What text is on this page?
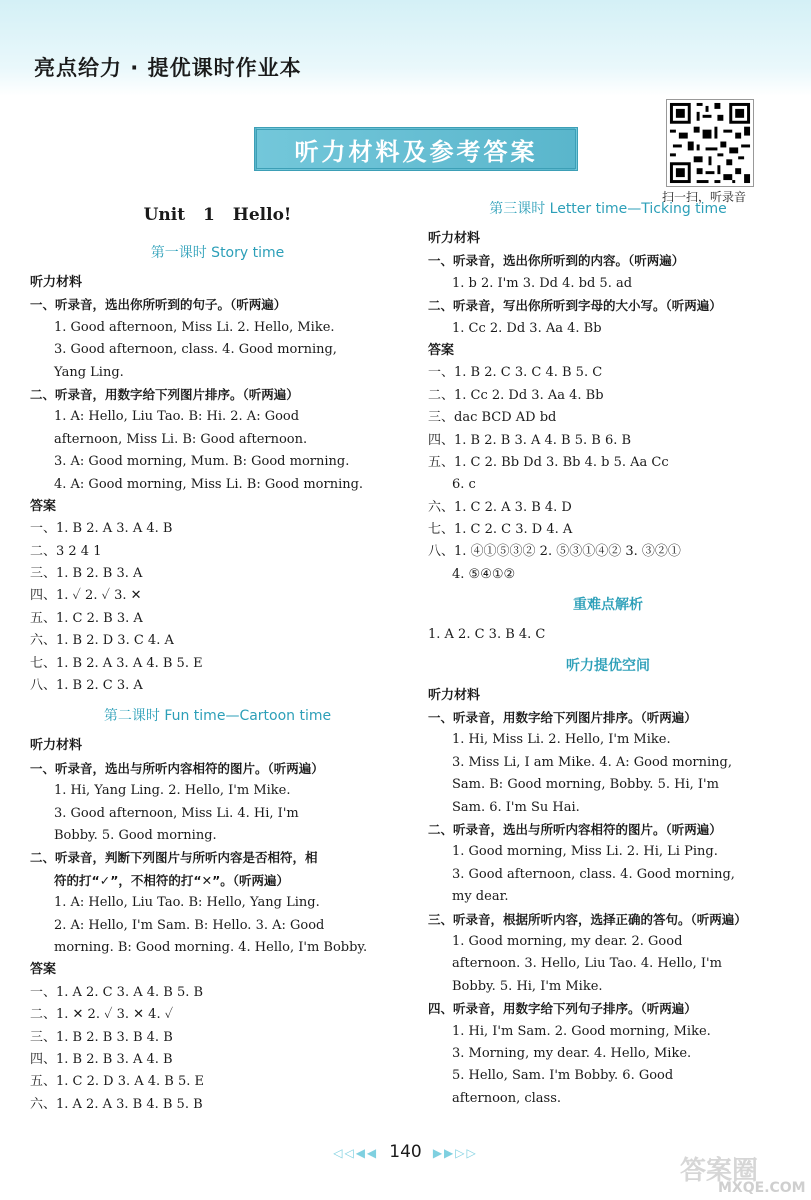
亮点给力 · 提优课时作业本
听力材料及参考答案
扫一扫，听录音
Unit 1 Hello!
第一课时 Story time
听力材料
一、听录音，选出你所听到的句子。（听两遍）
1. Good afternoon, Miss Li. 2. Hello, Mike.
3. Good afternoon, class. 4. Good morning,
Yang Ling.
二、听录音，用数字给下列图片排序。（听两遍）
1. A: Hello, Liu Tao. B: Hi. 2. A: Good
afternoon, Miss Li. B: Good afternoon.
3. A: Good morning, Mum. B: Good morning.
4. A: Good morning, Miss Li. B: Good morning.
答案
一、1. B 2. A 3. A 4. B
二、3 2 4 1
三、1. B 2. B 3. A
四、1. ✓ 2. ✓ 3. ✕
五、1. C 2. B 3. A
六、1. B 2. D 3. C 4. A
七、1. B 2. A 3. A 4. B 5. E
八、1. B 2. C 3. A
第二课时 Fun time—Cartoon time
听力材料
一、听录音，选出与所听内容相符的图片。（听两遍）
1. Hi, Yang Ling. 2. Hello, I'm Mike.
3. Good afternoon, Miss Li. 4. Hi, I'm
Bobby. 5. Good morning.
二、听录音，判断下列图片与所听内容是否相符，相
符的打“✓”，不相符的打“✕”。（听两遍）
1. A: Hello, Liu Tao. B: Hello, Yang Ling.
2. A: Hello, I'm Sam. B: Hello. 3. A: Good
morning. B: Good morning. 4. Hello, I'm Bobby.
答案
一、1. A 2. C 3. A 4. B 5. B
二、1. ✕ 2. ✓ 3. ✕ 4. ✓
三、1. B 2. B 3. B 4. B
四、1. B 2. B 3. A 4. B
五、1. C 2. D 3. A 4. B 5. E
六、1. A 2. A 3. B 4. B 5. B
第三课时 Letter time—Ticking time
听力材料
一、听录音，选出你所听到的内容。（听两遍）
1. b 2. I'm 3. Dd 4. bd 5. ad
二、听录音，写出你所听到字母的大小写。（听两遍）
1. Cc 2. Dd 3. Aa 4. Bb
答案
一、1. B 2. C 3. C 4. B 5. C
二、1. Cc 2. Dd 3. Aa 4. Bb
三、dac BCD AD bd
四、1. B 2. B 3. A 4. B 5. B 6. B
五、1. C 2. Bb Dd 3. Bb 4. b 5. Aa Cc
6. c
六、1. C 2. A 3. B 4. D
七、1. C 2. C 3. D 4. A
八、1. ④①⑤③② 2. ⑤③①④② 3. ③②①
4. ⑤④①②
重难点解析
1. A 2. C 3. B 4. C
听力提优空间
听力材料
一、听录音，用数字给下列图片排序。（听两遍）
1. Hi, Miss Li. 2. Hello, I'm Mike.
3. Miss Li, I am Mike. 4. A: Good morning,
Sam. B: Good morning, Bobby. 5. Hi, I'm
Sam. 6. I'm Su Hai.
二、听录音，选出与所听内容相符的图片。（听两遍）
1. Good morning, Miss Li. 2. Hi, Li Ping.
3. Good afternoon, class. 4. Good morning,
my dear.
三、听录音，根据所听内容，选择正确的答句。（听两遍）
1. Good morning, my dear. 2. Good
afternoon. 3. Hello, Liu Tao. 4. Hello, I'm
Bobby. 5. Hi, I'm Mike.
四、听录音，用数字给下列句子排序。（听两遍）
1. Hi, I'm Sam. 2. Good morning, Mike.
3. Morning, my dear. 4. Hello, Mike.
5. Hello, Sam. I'm Bobby. 6. Good
afternoon, class.
◁◁◀◀ 140 ▶▶▷▷
答案圈
MXQE.COM
